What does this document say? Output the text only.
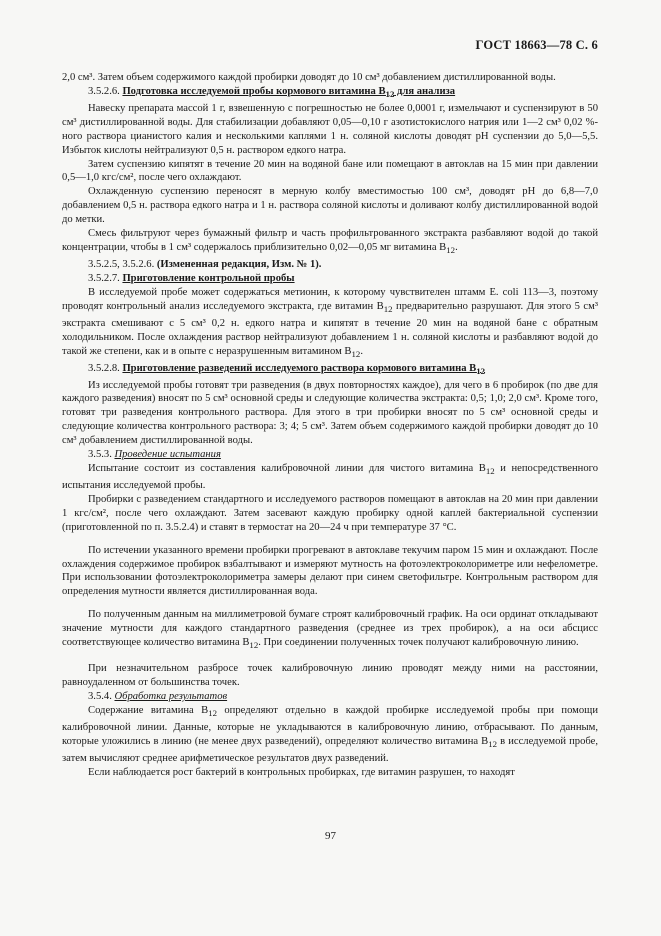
ГОСТ 18663—78 С. 6

2,0 см³. Затем объем содержимого каждой пробирки доводят до 10 см³ добавлением дистиллированной воды.

3.5.2.6. Подготовка исследуемой пробы кормового витамина $B_{12}$ для анализа

Навеску препарата массой 1 г, взвешенную с погрешностью не более 0,0001 г, измельчают и суспензируют в 50 см³ дистиллированной воды. Для стабилизации добавляют 0,05—0,10 г азотистокислого натрия или 1—2 см³ 0,02 %-ного раствора цианистого калия и несколькими каплями 1 н. соляной кислоты доводят pH суспензии до 5,0—5,5. Избыток кислоты нейтрализуют 0,5 н. раствором едкого натра.

Затем суспензию кипятят в течение 20 мин на водяной бане или помещают в автоклав на 15 мин при давлении 0,5—1,0 кгс/см², после чего охлаждают.

Охлажденную суспензию переносят в мерную колбу вместимостью 100 см³, доводят pH до 6,8—7,0 добавлением 0,5 н. раствора едкого натра и 1 н. раствора соляной кислоты и доливают колбу дистиллированной водой до метки.

Смесь фильтруют через бумажный фильтр и часть профильтрованного экстракта разбавляют водой до такой концентрации, чтобы в 1 см³ содержалось приблизительно 0,02—0,05 мг витамина $B_{12}$.

3.5.2.5, 3.5.2.6. (Измененная редакция, Изм. № 1).

3.5.2.7. Приготовление контрольной пробы

В исследуемой пробе может содержаться метионин, к которому чувствителен штамм E. coli 113—3, поэтому проводят контрольный анализ исследуемого экстракта, где витамин $B_{12}$ предварительно разрушают. Для этого 5 см³ экстракта смешивают с 5 см³ 0,2 н. едкого натра и кипятят в течение 20 мин на водяной бане с обратным холодильником. После охлаждения раствор нейтрализуют добавлением 1 н. соляной кислоты и разбавляют водой до такой же степени, как и в опыте с неразрушенным витамином $B_{12}$.

3.5.2.8. Приготовление разведений исследуемого раствора кормового витамина $B_{12}$

Из исследуемой пробы готовят три разведения (в двух повторностях каждое), для чего в 6 пробирок (по две для каждого разведения) вносят по 5 см³ основной среды и следующие количества экстракта: 0,5; 1,0; 2,0 см³. Кроме того, готовят три разведения контрольного раствора. Для этого в три пробирки вносят по 5 см³ основной среды и следующие количества контрольного раствора: 3; 4; 5 см³. Затем объем содержимого каждой пробирки доводят до 10 см³ добавлением дистиллированной воды.

3.5.3. Проведение испытания

Испытание состоит из составления калибровочной линии для чистого витамина $B_{12}$ и непосредственного испытания исследуемой пробы.

Пробирки с разведением стандартного и исследуемого растворов помещают в автоклав на 20 мин при давлении 1 кгс/см², после чего охлаждают. Затем засевают каждую пробирку одной каплей бактериальной суспензии (приготовленной по п. 3.5.2.4) и ставят в термостат на 20—24 ч при температуре 37 °С.

По истечении указанного времени пробирки прогревают в автоклаве текучим паром 15 мин и охлаждают. После охлаждения содержимое пробирок взбалтывают и измеряют мутность на фотоэлектроколориметре или нефелометре. При использовании фотоэлектроколориметра замеры делают при синем светофильтре. Контрольным раствором для определения мутности является дистиллированная вода.

По полученным данным на миллиметровой бумаге строят калибровочный график. На оси ординат откладывают значение мутности для каждого стандартного разведения (среднее из трех пробирок), а на оси абсцисс соответствующее количество витамина $B_{12}$. При соединении полученных точек получают калибровочную линию.

При незначительном разбросе точек калибровочную линию проводят между ними на расстоянии, равноудаленном от большинства точек.

3.5.4. Обработка результатов

Содержание витамина $B_{12}$ определяют отдельно в каждой пробирке исследуемой пробы при помощи калибровочной линии. Данные, которые не укладываются в калибровочную линию, отбрасывают. По данным, которые уложились в линию (не менее двух разведений), определяют количество витамина $B_{12}$ в исследуемой пробе, затем вычисляют среднее арифметическое результатов двух разведений.

Если наблюдается рост бактерий в контрольных пробирках, где витамин разрушен, то находят

97
